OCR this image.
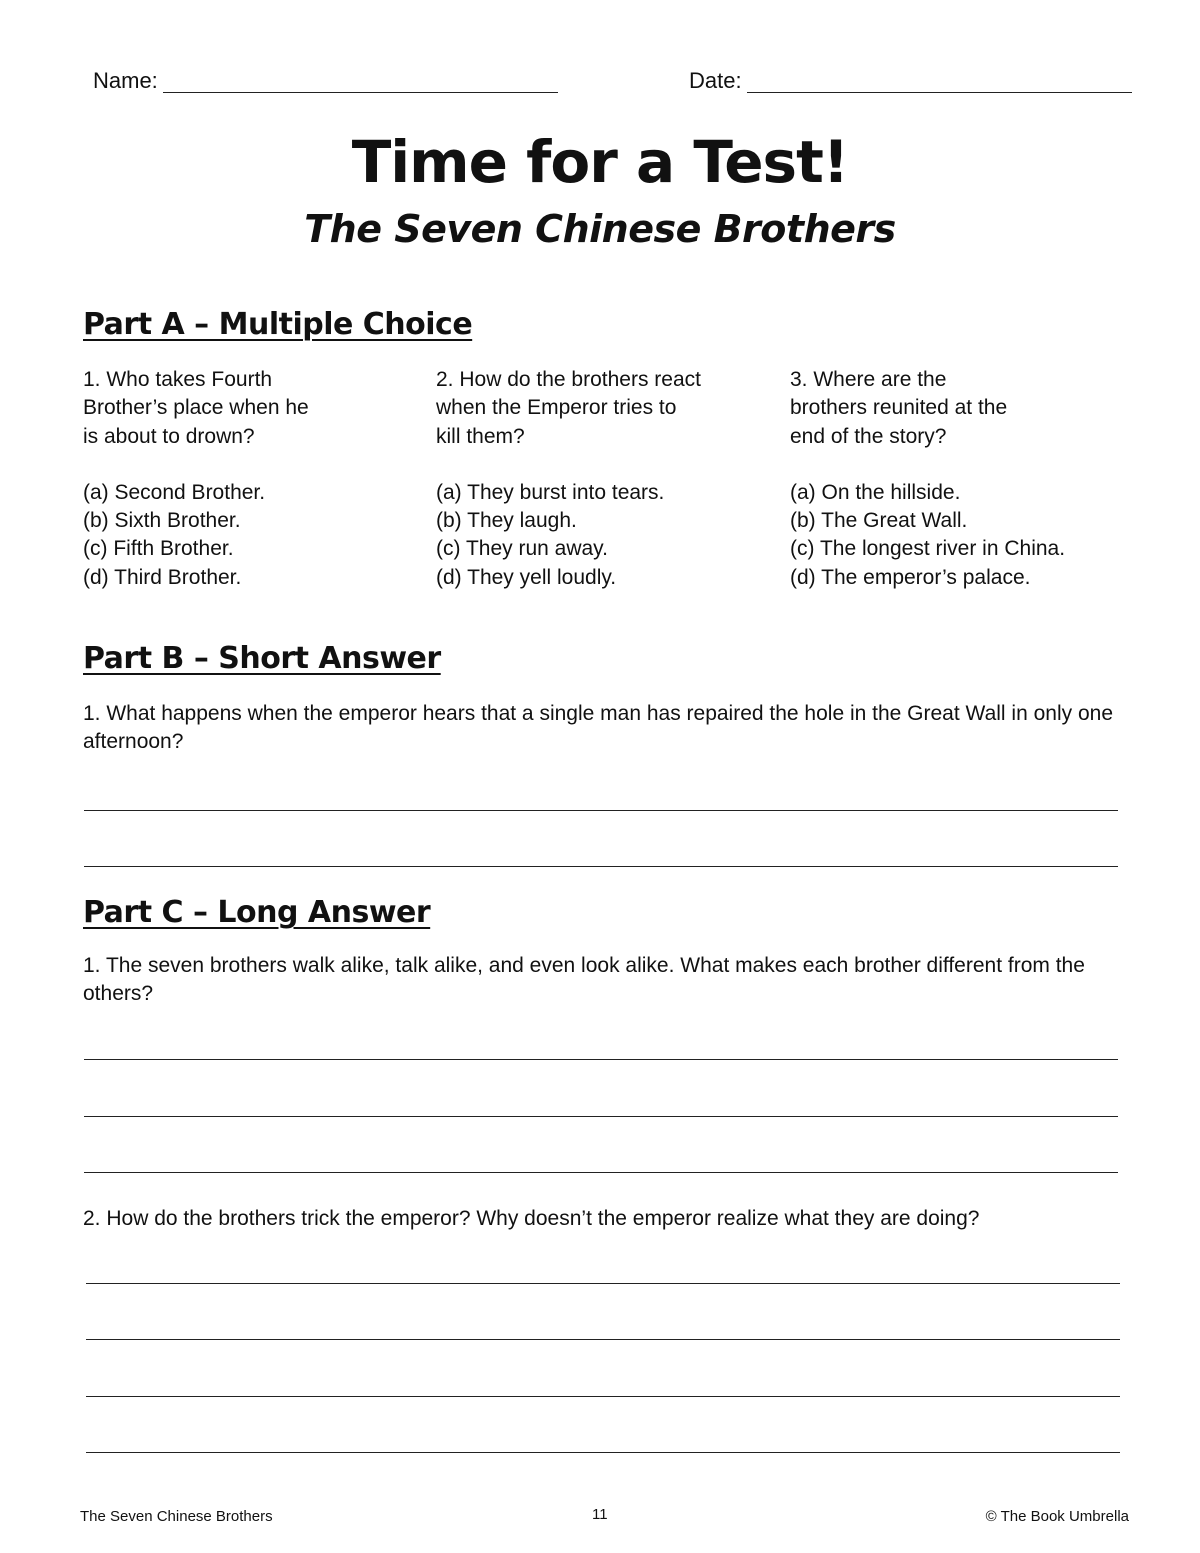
Name:	Date:
Time for a Test!
The Seven Chinese Brothers
Part A – Multiple Choice

1. Who takes Fourth Brother’s place when he is about to drown?

(a) Second Brother.

(b) Sixth Brother.

(c) Fifth Brother.

(d) Third Brother.

2. How do the brothers react when the Emperor tries to kill them?

(a) They burst into tears.

(b) They laugh.

(c) They run away.

(d) They yell loudly.

3. Where are the brothers reunited at the end of the story?

(a) On the hillside.

(b) The Great Wall.

(c) The longest river in China.

(d) The emperor’s palace.

Part B – Short Answer
1. What happens when the emperor hears that a single man has repaired the hole in the Great Wall in only one afternoon?
Part C – Long Answer
1. The seven brothers walk alike, talk alike, and even look alike. What makes each brother different from the others?
2. How do the brothers trick the emperor? Why doesn’t the emperor realize what they are doing?
The Seven Chinese Brothers	11	© The Book Umbrella
